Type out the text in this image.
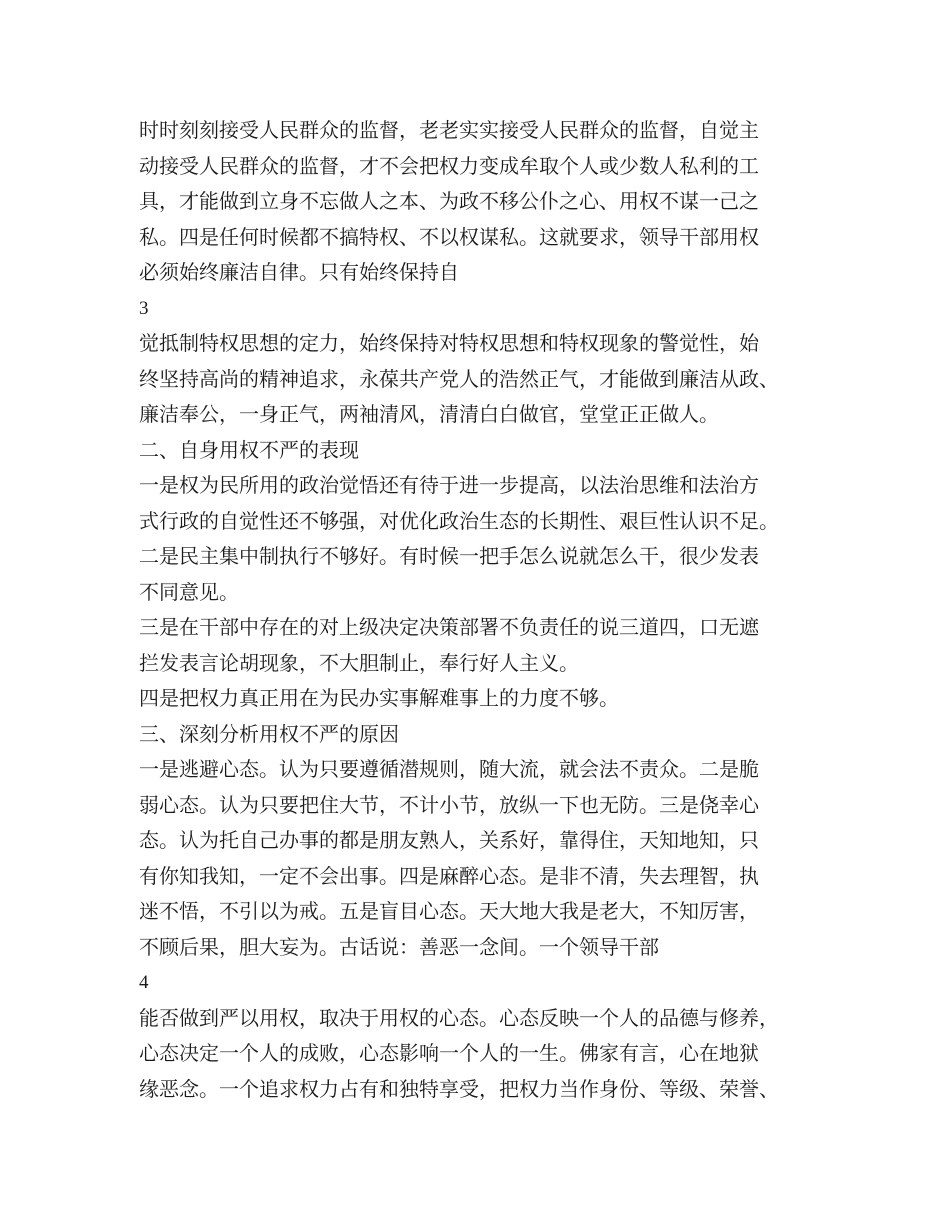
时时刻刻接受人民群众的监督，老老实实接受人民群众的监督，自觉主
动接受人民群众的监督，才不会把权力变成牟取个人或少数人私利的工
具，才能做到立身不忘做人之本、为政不移公仆之心、用权不谋一己之
私。四是任何时候都不搞特权、不以权谋私。这就要求，领导干部用权
必须始终廉洁自律。只有始终保持自
3
觉抵制特权思想的定力，始终保持对特权思想和特权现象的警觉性，始
终坚持高尚的精神追求，永葆共产党人的浩然正气，才能做到廉洁从政、
廉洁奉公，一身正气，两袖清风，清清白白做官，堂堂正正做人。
二、自身用权不严的表现
一是权为民所用的政治觉悟还有待于进一步提高，以法治思维和法治方
式行政的自觉性还不够强，对优化政治生态的长期性、艰巨性认识不足。
二是民主集中制执行不够好。有时候一把手怎么说就怎么干，很少发表
不同意见。
三是在干部中存在的对上级决定决策部署不负责任的说三道四，口无遮
拦发表言论胡现象，不大胆制止，奉行好人主义。
四是把权力真正用在为民办实事解难事上的力度不够。
三、深刻分析用权不严的原因
一是逃避心态。认为只要遵循潜规则，随大流，就会法不责众。二是脆
弱心态。认为只要把住大节，不计小节，放纵一下也无防。三是侥幸心
态。认为托自己办事的都是朋友熟人，关系好，靠得住，天知地知，只
有你知我知，一定不会出事。四是麻醉心态。是非不清，失去理智，执
迷不悟，不引以为戒。五是盲目心态。天大地大我是老大，不知厉害，
不顾后果，胆大妄为。古话说：善恶一念间。一个领导干部
4
能否做到严以用权，取决于用权的心态。心态反映一个人的品德与修养，
心态决定一个人的成败，心态影响一个人的一生。佛家有言，心在地狱
缘恶念。一个追求权力占有和独特享受，把权力当作身份、等级、荣誉、
